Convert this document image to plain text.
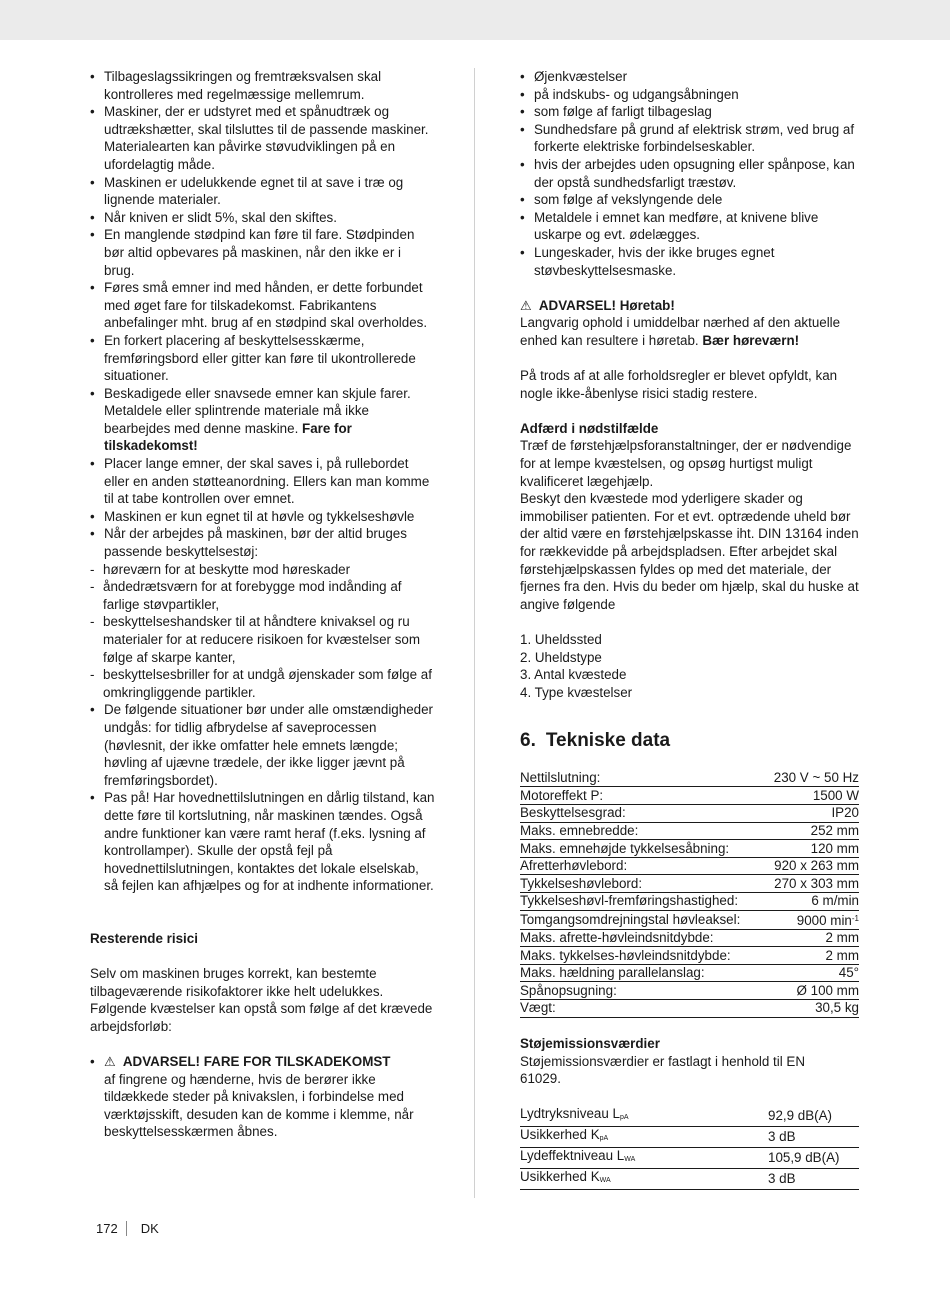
• Tilbageslagssikringen og fremtræksvalsen skal kontrolleres med regelmæssige mellemrum.
• Maskiner, der er udstyret med et spånudtræk og udtrækshætter, skal tilsluttes til de passende maskiner. Materialearten kan påvirke støvudviklingen på en ufordelagtig måde.
• Maskinen er udelukkende egnet til at save i træ og lignende materialer.
• Når kniven er slidt 5%, skal den skiftes.
• En manglende stødpind kan føre til fare. Stødpinden bør altid opbevares på maskinen, når den ikke er i brug.
• Føres små emner ind med hånden, er dette forbundet med øget fare for tilskadekomst. Fabrikantens anbefalinger mht. brug af en stødpind skal overholdes.
• En forkert placering af beskyttelsesskærme, fremføringsbord eller gitter kan føre til ukontrollerede situationer.
• Beskadigede eller snavsede emner kan skjule farer. Metaldele eller splintrende materiale må ikke bearbejdes med denne maskine. Fare for tilskadekomst!
• Placer lange emner, der skal saves i, på rullebordet eller en anden støtteanordning. Ellers kan man komme til at tabe kontrollen over emnet.
• Maskinen er kun egnet til at høvle og tykkelseshøvle
• Når der arbejdes på maskinen, bør der altid bruges passende beskyttelsestøj:
- høreværn for at beskytte mod høreskader
- åndedrætsværn for at forebygge mod indånding af farlige støvpartikler,
- beskyttelseshandsker til at håndtere knivaksel og ru materialer for at reducere risikoen for kvæstelser som følge af skarpe kanter,
- beskyttelsesbriller for at undgå øjenskader som følge af omkringliggende partikler.
• De følgende situationer bør under alle omstændigheder undgås: for tidlig afbrydelse af saveprocessen (høvlesnit, der ikke omfatter hele emnets længde; høvling af ujævne trædele, der ikke ligger jævnt på fremføringsbordet).
• Pas på! Har hovednettilslutningen en dårlig tilstand, kan dette føre til kortslutning, når maskinen tændes. Også andre funktioner kan være ramt heraf (f.eks. lysning af kontrollamper). Skulle der opstå fejl på hovednettilslutningen, kontaktes det lokale elselskab, så fejlen kan afhjælpes og for at indhente informationer.
Resterende risici

Selv om maskinen bruges korrekt, kan bestemte tilbageværende risikofaktorer ikke helt udelukkes. Følgende kvæstelser kan opstå som følge af det krævede arbejdsforløb:

• ⚠ ADVARSEL! FARE FOR TILSKADEKOMST
af fingrene og hænderne, hvis de berører ikke tildækkede steder på knivakslen, i forbindelse med værktøjsskift, desuden kan de komme i klemme, når beskyttelsesskærmen åbnes.
• Øjenkvæstelser
• på indskubs- og udgangsåbningen
• som følge af farligt tilbageslag
• Sundhedsfare på grund af elektrisk strøm, ved brug af forkerte elektriske forbindelseskabler.
• hvis der arbejdes uden opsugning eller spånpose, kan der opstå sundhedsfarligt træstøv.
• som følge af vekslyngende dele
• Metaldele i emnet kan medføre, at knivene blive uskarpe og evt. ødelægges.
• Lungeskader, hvis der ikke bruges egnet støvbeskyttelsesmaske.
⚠ ADVARSEL! Høretab!

Langvarig ophold i umiddelbar nærhed af den aktuelle enhed kan resultere i høretab. Bær høreværn!

På trods af at alle forholdsregler er blevet opfyldt, kan nogle ikke-åbenlyse risici stadig restere.

Adfærd i nødstilfælde

Træf de førstehjælpsforanstaltninger, der er nødvendige for at lempe kvæstelsen, og opsøg hurtigst muligt kvalificeret lægehjælp.

Beskyt den kvæstede mod yderligere skader og immobiliser patienten. For et evt. optrædende uheld bør der altid være en førstehjælpskasse iht. DIN 13164 inden for rækkevidde på arbejdspladsen. Efter arbejdet skal førstehjælpskassen fyldes op med det materiale, der fjernes fra den. Hvis du beder om hjælp, skal du huske at angive følgende

1. Uheldssted
2. Uheldstype
3. Antal kvæstede
4. Type kvæstelser
6. Tekniske data
Nettilslutning:	230 V ~ 50 Hz
Motoreffekt P:	1500 W
Beskyttelsesgrad:	IP20
Maks. emnebredde:	252 mm
Maks. emnehøjde tykkelsesåbning:	120 mm
Afretterhøvlebord:	920 x 263 mm
Tykkelseshøvlebord:	270 x 303 mm
Tykkelseshøvl-fremføringshastighed:	6 m/min
Tomgangsomdrejningstal høvleaksel:	9000 $\min^{-1}$
Maks. afrette-høvleindsnitdybde:	2 mm
Maks. tykkelses-høvleindsnitdybde:	2 mm
Maks. hældning parallelanslag:	45°
Spånopsugning:	Ø 100 mm
Vægt:	30,5 kg
Støjemissionsværdier

Støjemissionsværdier er fastlagt i henhold til EN 61029.

Lydtryksniveau $L_{pA}$	92,9 dB(A)
Usikkerhed $K_{pA}$	3 dB
Lydeffektniveau $L_{WA}$	105,9 dB(A)
Usikkerhed $K_{WA}$	3 dB
172	DK
